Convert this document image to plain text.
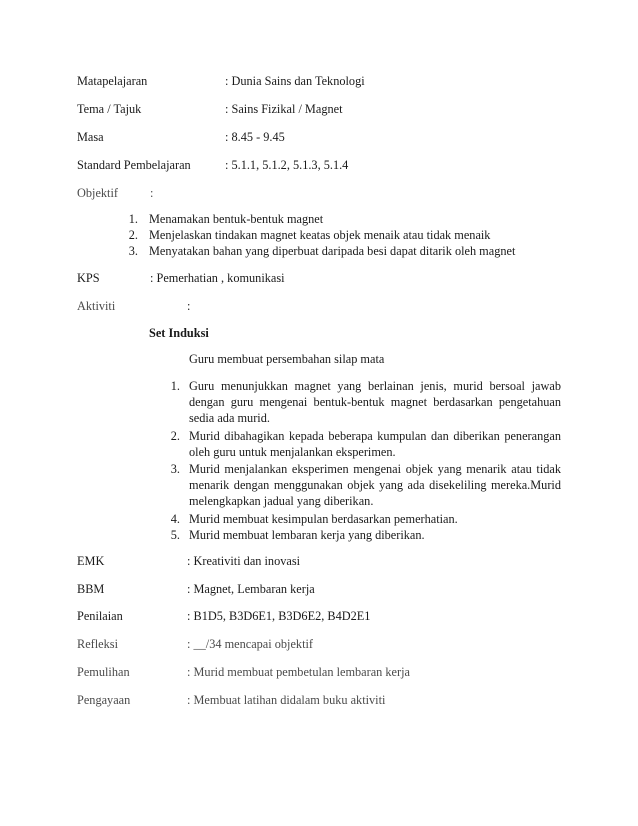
Matapelajaran	: Dunia Sains dan Teknologi
Tema / Tajuk	: Sains Fizikal / Magnet
Masa	: 8.45 - 9.45
Standard Pembelajaran	: 5.1.1, 5.1.2, 5.1.3, 5.1.4
Objektif	:
1. Menamakan bentuk-bentuk magnet
2. Menjelaskan tindakan magnet keatas objek menaik atau tidak menaik
3. Menyatakan bahan yang diperbuat daripada besi dapat ditarik oleh magnet
KPS	: Pemerhatian , komunikasi
Aktiviti	:
Set Induksi
Guru membuat persembahan silap mata
1. Guru menunjukkan magnet yang berlainan jenis, murid bersoal jawab dengan guru mengenai bentuk-bentuk magnet berdasarkan pengetahuan sedia ada murid.
2. Murid dibahagikan kepada beberapa kumpulan dan diberikan penerangan oleh guru untuk menjalankan eksperimen.
3. Murid menjalankan eksperimen mengenai objek yang menarik atau tidak menarik dengan menggunakan objek yang ada disekeliling mereka.Murid melengkapkan jadual yang diberikan.
4. Murid membuat kesimpulan berdasarkan pemerhatian.
5. Murid membuat lembaran kerja yang diberikan.
EMK	: Kreativiti dan inovasi
BBM	: Magnet, Lembaran kerja
Penilaian	: B1D5, B3D6E1, B3D6E2, B4D2E1
Refleksi	: __/34 mencapai objektif
Pemulihan	: Murid membuat pembetulan lembaran kerja
Pengayaan	: Membuat latihan didalam buku aktiviti
